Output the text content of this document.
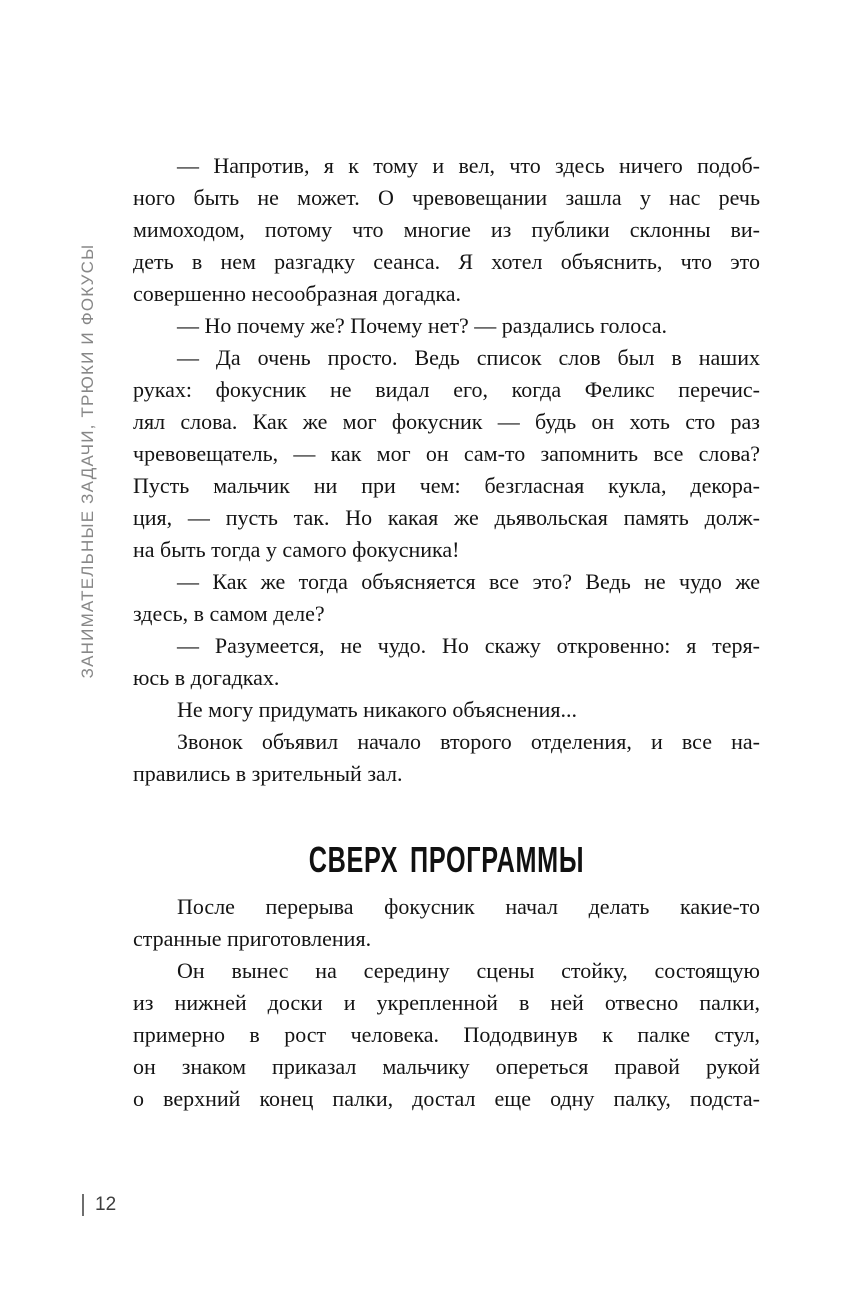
ЗАНИМАТЕЛЬНЫЕ ЗАДАЧИ, ТРЮКИ И ФОКУСЫ

— Напротив, я к тому и вел, что здесь ничего подоб-
ного быть не может. О чревовещании зашла у нас речь
мимоходом, потому что многие из публики склонны ви-
деть в нем разгадку сеанса. Я хотел объяснить, что это
совершенно несообразная догадка.

— Но почему же? Почему нет? — раздались голоса.

— Да очень просто. Ведь список слов был в наших
руках: фокусник не видал его, когда Феликс перечис-
лял слова. Как же мог фокусник — будь он хоть сто раз
чревовещатель, — как мог он сам-то запомнить все слова?
Пусть мальчик ни при чем: безгласная кукла, декора-
ция, — пусть так. Но какая же дьявольская память долж-
на быть тогда у самого фокусника!

— Как же тогда объясняется все это? Ведь не чудо же
здесь, в самом деле?

— Разумеется, не чудо. Но скажу откровенно: я теря-
юсь в догадках.

Не могу придумать никакого объяснения...

Звонок объявил начало второго отделения, и все на-
правились в зрительный зал.

СВЕРХ ПРОГРАММЫ

После перерыва фокусник начал делать какие-то
странные приготовления.

Он вынес на середину сцены стойку, состоящую
из нижней доски и укрепленной в ней отвесно палки,
примерно в рост человека. Пододвинув к палке стул,
он знаком приказал мальчику опереться правой рукой
о верхний конец палки, достал еще одну палку, подста-

12
